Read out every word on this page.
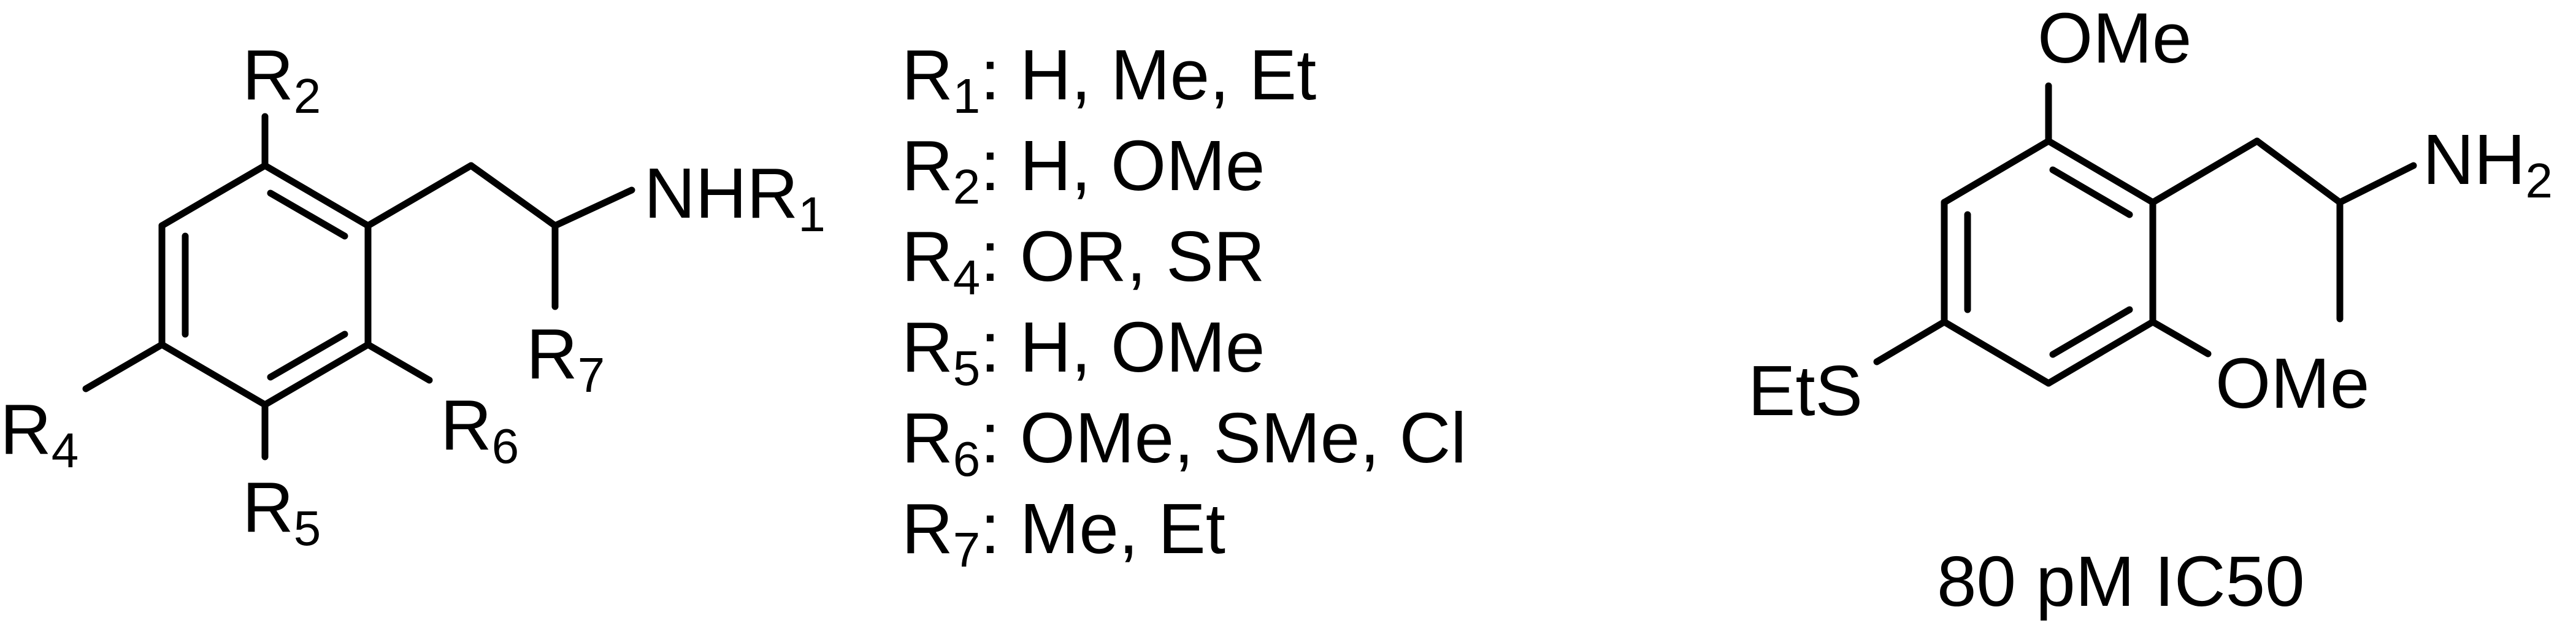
R2
R4
R5
R6
R7
NHR1
R1: H, Me, Et
R2: H, OMe
R4: OR, SR
R5: H, OMe
R6: OMe, SMe, Cl
R7: Me, Et
OMe
OMe
EtS
NH2
80 pM IC50
